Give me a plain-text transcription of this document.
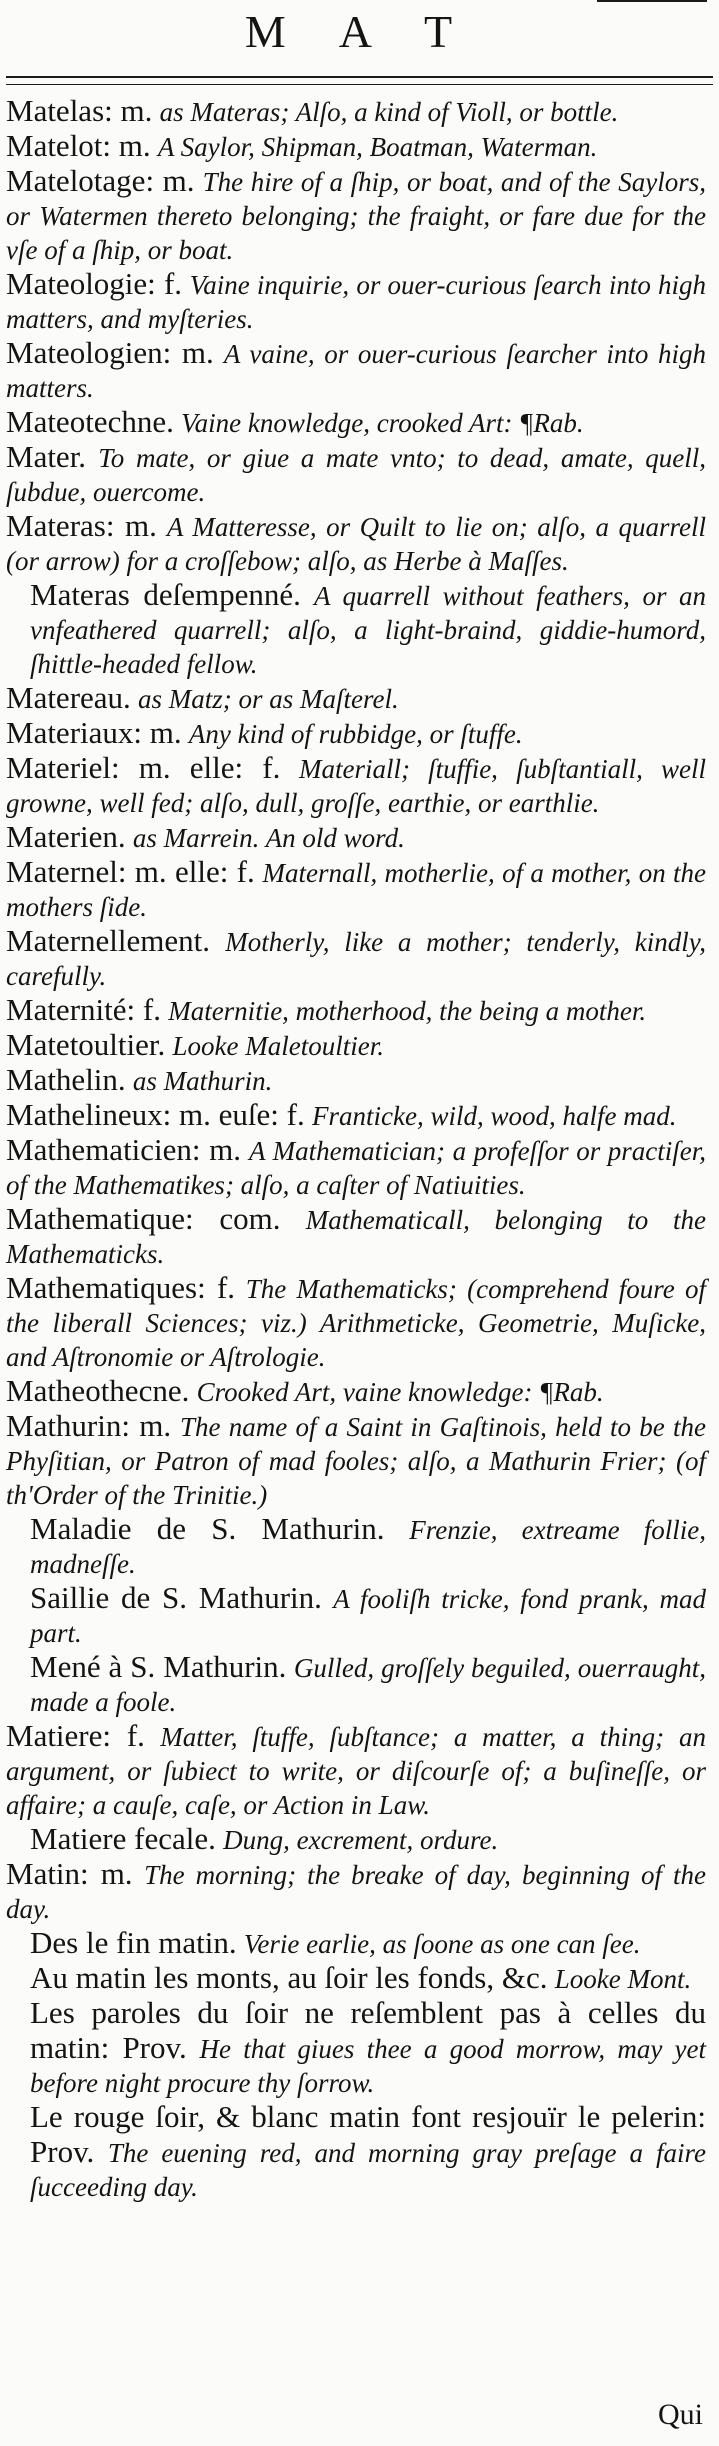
M A T

Matelas: m. as Materas; Alſo, a kind of Violl, or bottle.

Matelot: m. A Saylor, Shipman, Boatman, Waterman.

Matelotage: m. The hire of a ſhip, or boat, and of the Saylors, or Watermen thereto belonging; the fraight, or fare due for the vſe of a ſhip, or boat.

Mateologie: f. Vaine inquirie, or ouer-curious ſearch into high matters, and myſteries.

Mateologien: m. A vaine, or ouer-curious ſearcher into high matters.

Mateotechne. Vaine knowledge, crooked Art: ¶Rab.

Mater. To mate, or giue a mate vnto; to dead, amate, quell, ſubdue, ouercome.

Materas: m. A Matteresse, or Quilt to lie on; alſo, a quarrell (or arrow) for a croſſebow; alſo, as Herbe à Maſſes.

Materas deſempenné. A quarrell without feathers, or an vnfeathered quarrell; alſo, a light-braind, giddie-humord, ſhittle-headed fellow.

Matereau. as Matz; or as Maſterel.

Materiaux: m. Any kind of rubbidge, or ſtuffe.

Materiel: m. elle: f. Materiall; ſtuffie, ſubſtantiall, well growne, well fed; alſo, dull, groſſe, earthie, or earthlie.

Materien. as Marrein. An old word.

Maternel: m. elle: f. Maternall, motherlie, of a mother, on the mothers ſide.

Maternellement. Motherly, like a mother; tenderly, kindly, carefully.

Maternité: f. Maternitie, motherhood, the being a mother.

Matetoultier. Looke Maletoultier.

Mathelin. as Mathurin.

Mathelineux: m. euſe: f. Franticke, wild, wood, halfe mad.

Mathematicien: m. A Mathematician; a profeſſor or practiſer, of the Mathematikes; alſo, a caſter of Natiuities.

Mathematique: com. Mathematicall, belonging to the Mathematicks.

Mathematiques: f. The Mathematicks; (comprehend foure of the liberall Sciences; viz.) Arithmeticke, Geometrie, Muſicke, and Aſtronomie or Aſtrologie.

Matheothecne. Crooked Art, vaine knowledge: ¶Rab.

Mathurin: m. The name of a Saint in Gaſtinois, held to be the Phyſitian, or Patron of mad fooles; alſo, a Mathurin Frier; (of th'Order of the Trinitie.)

Maladie de S. Mathurin. Frenzie, extreame follie, madneſſe.

Saillie de S. Mathurin. A fooliſh tricke, fond prank, mad part.

Mené à S. Mathurin. Gulled, groſſely beguiled, ouerraught, made a foole.

Matiere: f. Matter, ſtuffe, ſubſtance; a matter, a thing; an argument, or ſubiect to write, or diſcourſe of; a buſineſſe, or affaire; a cauſe, caſe, or Action in Law.

Matiere fecale. Dung, excrement, ordure.

Matin: m. The morning; the breake of day, beginning of the day.

Des le fin matin. Verie earlie, as ſoone as one can ſee.

Au matin les monts, au ſoir les fonds, &c. Looke Mont.

Les paroles du ſoir ne reſemblent pas à celles du matin: Prov. He that giues thee a good morrow, may yet before night procure thy ſorrow.

Le rouge ſoir, & blanc matin font resjouïr le pelerin: Prov. The euening red, and morning gray preſage a faire ſucceeding day.

Qui
